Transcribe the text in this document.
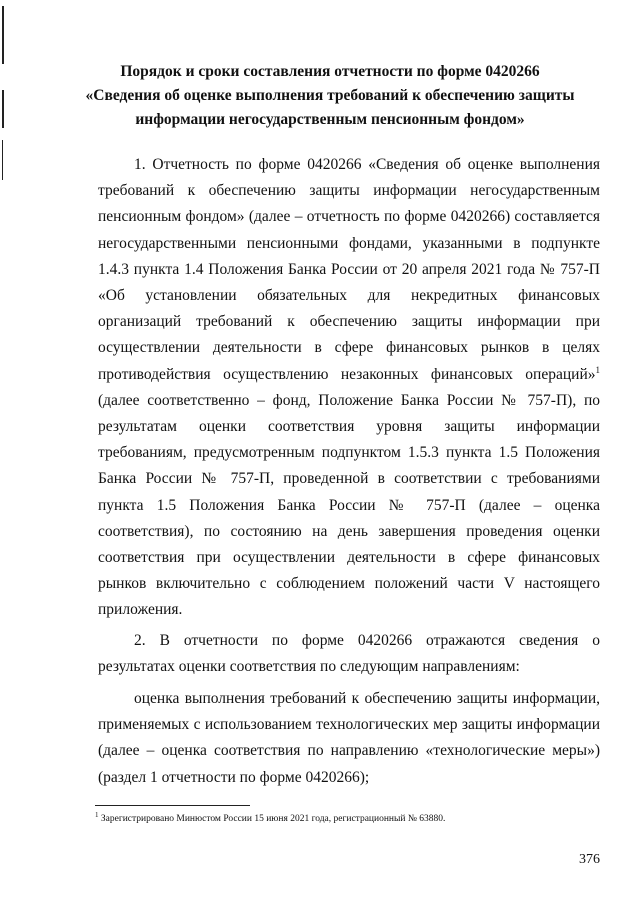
Порядок и сроки составления отчетности по форме 0420266
«Сведения об оценке выполнения требований к обеспечению защиты
информации негосударственным пенсионным фондом»

1. Отчетность по форме 0420266 «Сведения об оценке выполнения требований к обеспечению защиты информации негосударственным пенсионным фондом» (далее – отчетность по форме 0420266) составляется негосударственными пенсионными фондами, указанными в подпункте 1.4.3 пункта 1.4 Положения Банка России от 20 апреля 2021 года № 757-П «Об установлении обязательных для некредитных финансовых организаций требований к обеспечению защиты информации при осуществлении деятельности в сфере финансовых рынков в целях противодействия осуществлению незаконных финансовых операций»$^1$ (далее соответственно – фонд, Положение Банка России № 757-П), по результатам оценки соответствия уровня защиты информации требованиям, предусмотренным подпунктом 1.5.3 пункта 1.5 Положения Банка России № 757-П, проведенной в соответствии с требованиями пункта 1.5 Положения Банка России № 757-П (далее – оценка соответствия), по состоянию на день завершения проведения оценки соответствия при осуществлении деятельности в сфере финансовых рынков включительно с соблюдением положений части V настоящего приложения.

2. В отчетности по форме 0420266 отражаются сведения о результатах оценки соответствия по следующим направлениям:

оценка выполнения требований к обеспечению защиты информации, применяемых с использованием технологических мер защиты информации (далее – оценка соответствия по направлению «технологические меры») (раздел 1 отчетности по форме 0420266);

$^1$ Зарегистрировано Минюстом России 15 июня 2021 года, регистрационный № 63880.
376
